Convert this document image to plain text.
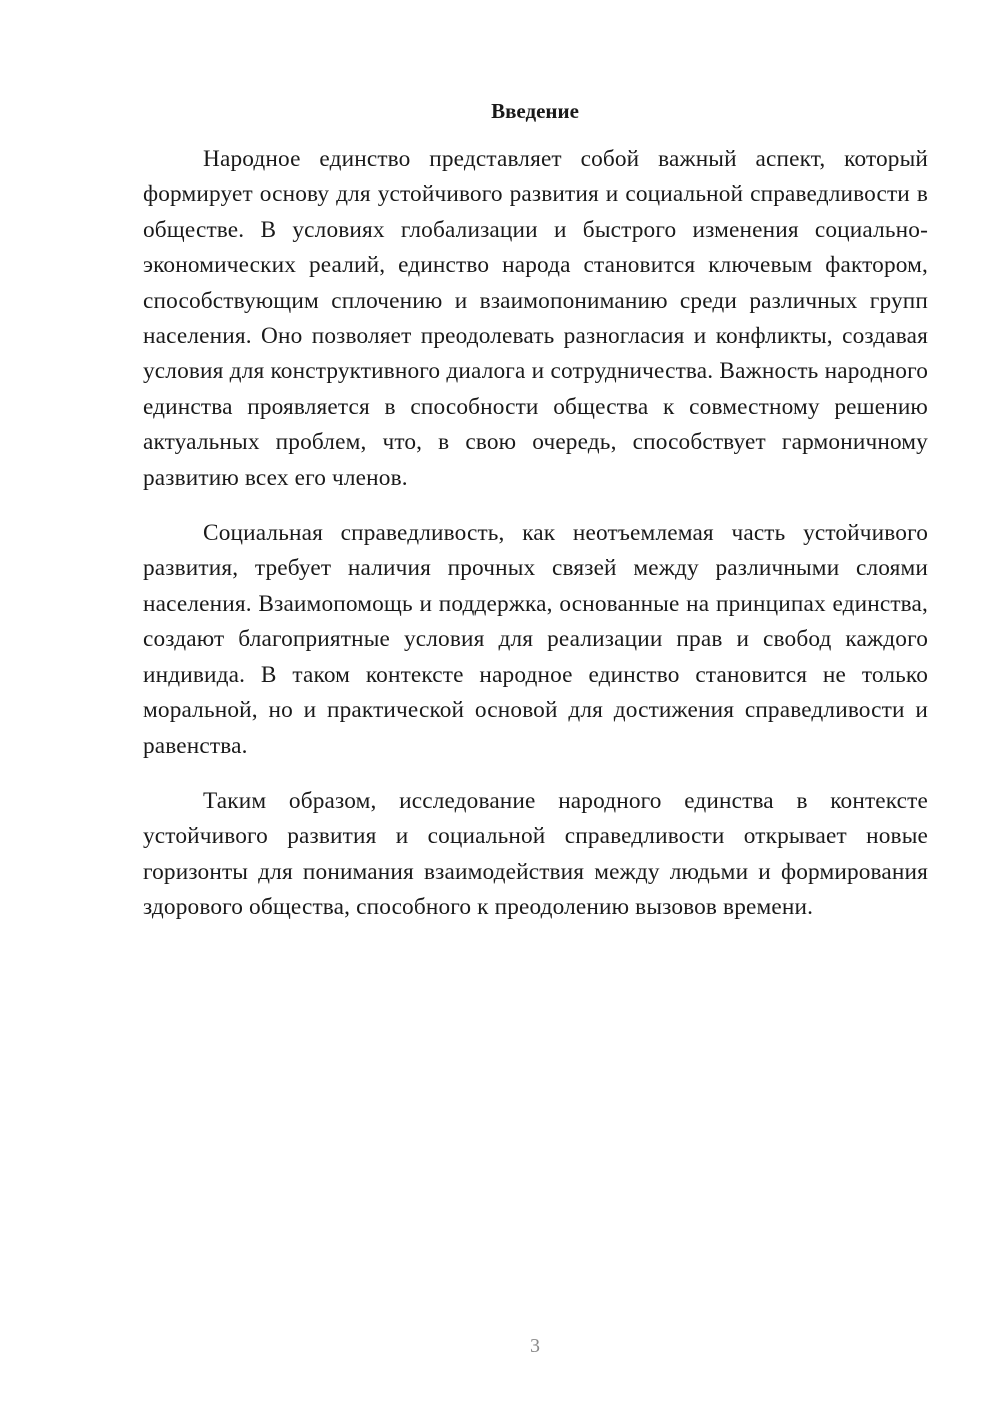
Введение

Народное единство представляет собой важный аспект, который формирует основу для устойчивого развития и социальной справедливости в обществе. В условиях глобализации и быстрого изменения социально-экономических реалий, единство народа становится ключевым фактором, способствующим сплочению и взаимопониманию среди различных групп населения. Оно позволяет преодолевать разногласия и конфликты, создавая условия для конструктивного диалога и сотрудничества. Важность народного единства проявляется в способности общества к совместному решению актуальных проблем, что, в свою очередь, способствует гармоничному развитию всех его членов.

Социальная справедливость, как неотъемлемая часть устойчивого развития, требует наличия прочных связей между различными слоями населения. Взаимопомощь и поддержка, основанные на принципах единства, создают благоприятные условия для реализации прав и свобод каждого индивида. В таком контексте народное единство становится не только моральной, но и практической основой для достижения справедливости и равенства.

Таким образом, исследование народного единства в контексте устойчивого развития и социальной справедливости открывает новые горизонты для понимания взаимодействия между людьми и формирования здорового общества, способного к преодолению вызовов времени.

3
